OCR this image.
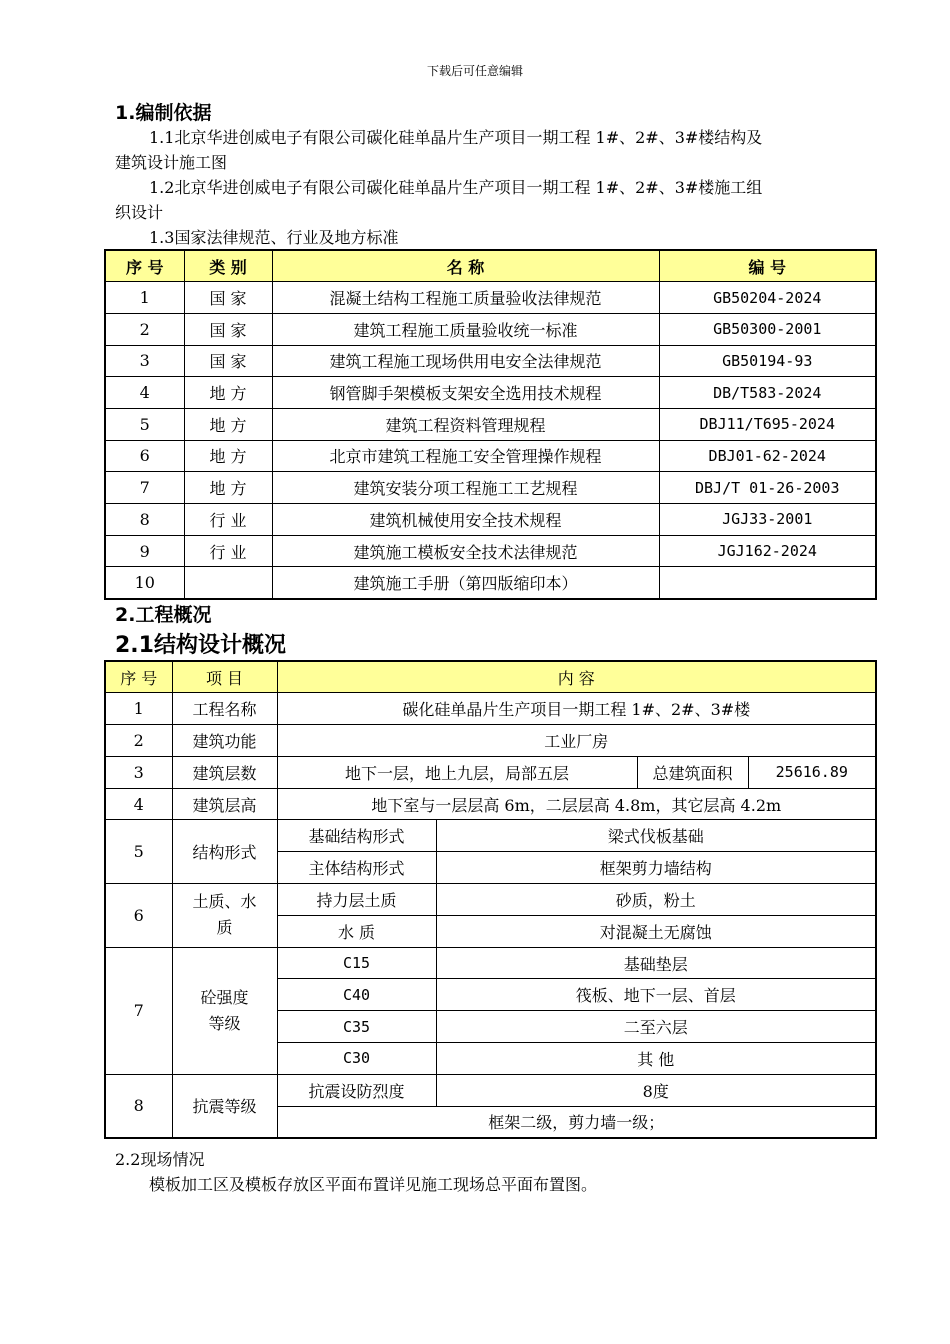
下载后可任意编辑
1.编制依据
1.1北京华进创威电子有限公司碳化硅单晶片生产项目一期工程 1#、2#、3#楼结构及
建筑设计施工图
1.2北京华进创威电子有限公司碳化硅单晶片生产项目一期工程 1#、2#、3#楼施工组
织设计
1.3国家法律规范、行业及地方标准
序 号	类 别	名 称	编 号
1	国 家	混凝土结构工程施工质量验收法律规范	GB50204-2024
2	国 家	建筑工程施工质量验收统一标准	GB50300-2001
3	国 家	建筑工程施工现场供用电安全法律规范	GB50194-93
4	地 方	钢管脚手架模板支架安全选用技术规程	DB/T583-2024
5	地 方	建筑工程资料管理规程	DBJ11/T695-2024
6	地 方	北京市建筑工程施工安全管理操作规程	DBJ01-62-2024
7	地 方	建筑安装分项工程施工工艺规程	DBJ/T 01-26-2003
8	行 业	建筑机械使用安全技术规程	JGJ33-2001
9	行 业	建筑施工模板安全技术法律规范	JGJ162-2024
10		建筑施工手册（第四版缩印本）	
2.工程概况
2.1结构设计概况
序 号	项 目	内 容			
1	工程名称	碳化硅单晶片生产项目一期工程 1#、2#、3#楼			
2	建筑功能	工业厂房			
3	建筑层数	地下一层，地上九层，局部五层		总建筑面积	25616.89
4	建筑层高	地下室与一层层高 6m，二层层高 4.8m，其它层高 4.2m			
5	结构形式	基础结构形式	梁式伐板基础		
		主体结构形式	框架剪力墙结构		
6	土质、水质	持力层土质	砂质，粉土		
		水 质	对混凝土无腐蚀		
7	砼强度等级	C15	基础垫层		
		C40	筏板、地下一层、首层		
		C35	二至六层		
		C30	其 他		
8	抗震等级	抗震设防烈度	8度		
		框架二级，剪力墙一级；			
2.2现场情况
模板加工区及模板存放区平面布置详见施工现场总平面布置图。
